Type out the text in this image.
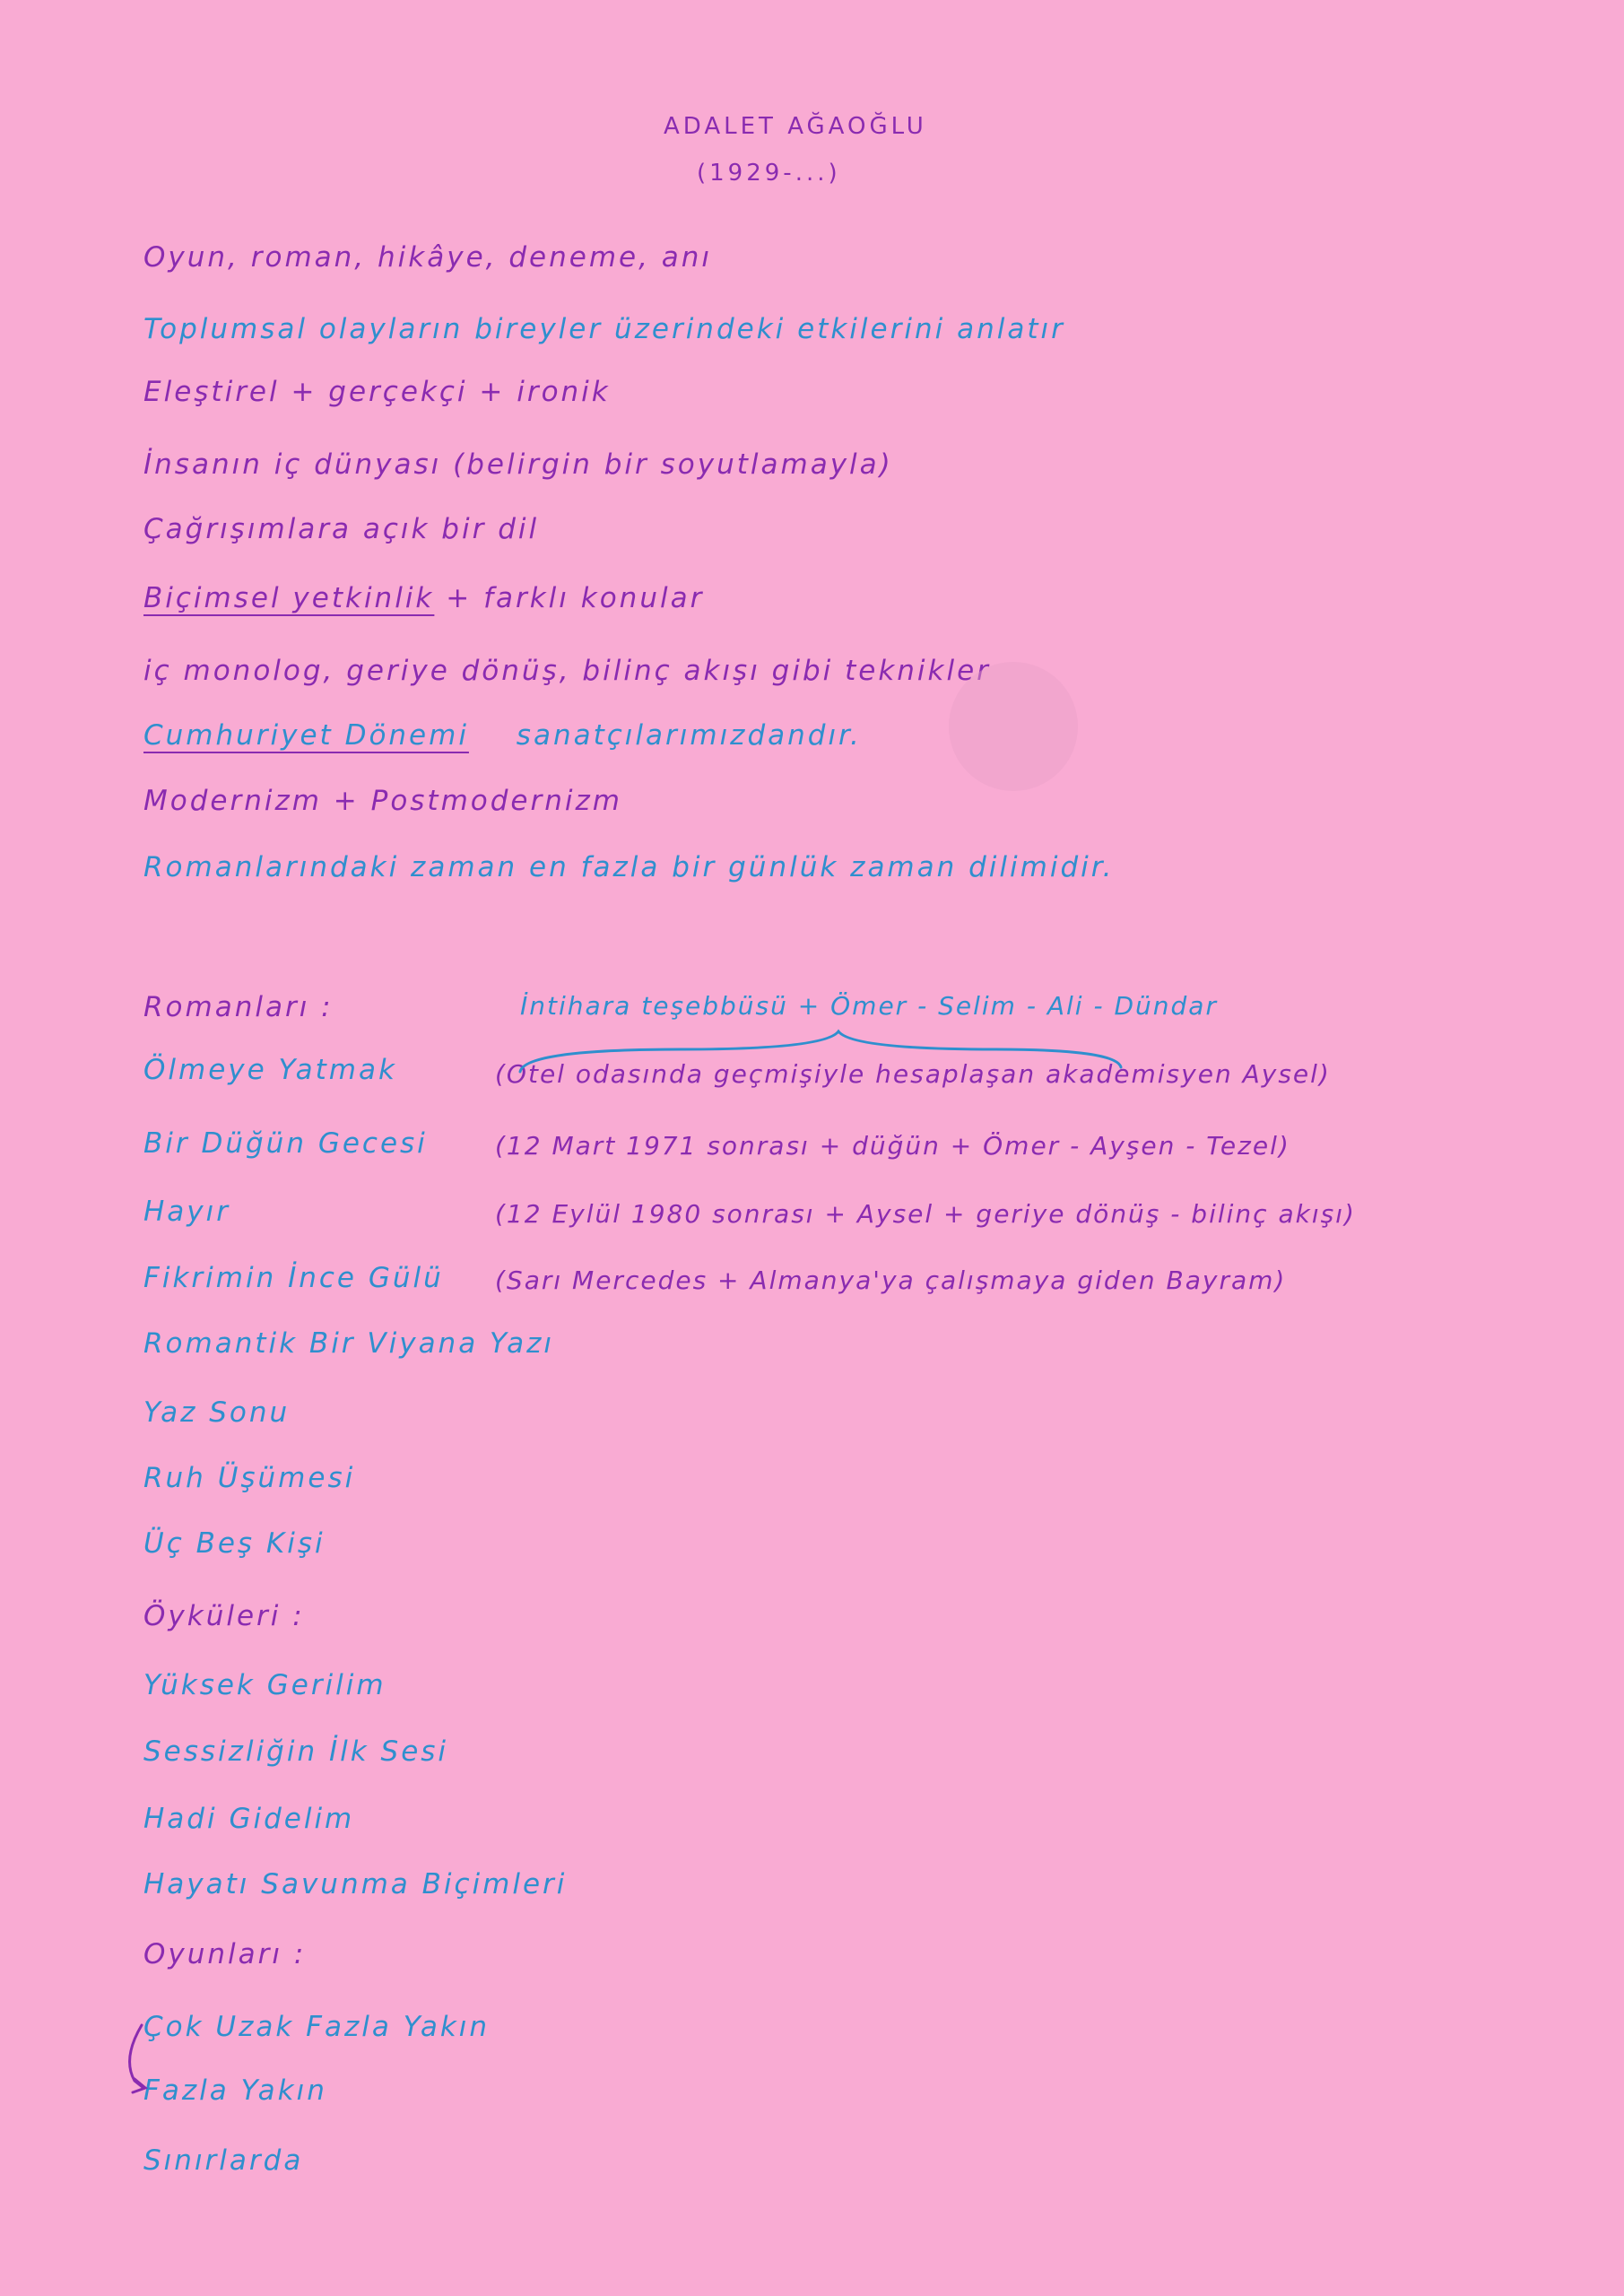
ADALET AĞAOĞLU
(1929-...)
Oyun, roman, hikâye, deneme, anı
Toplumsal olayların bireyler üzerindeki etkilerini anlatır
Eleştirel + gerçekçi + ironik
İnsanın iç dünyası (belirgin bir soyutlamayla)
Çağrışımlara açık bir dil
Biçimsel yetkinlik + farklı konular
iç monolog, geriye dönüş, bilinç akışı gibi teknikler
Cumhuriyet Dönemi sanatçılarımızdandır.
Modernizm + Postmodernizm
Romanlarındaki zaman en fazla bir günlük zaman dilimidir.
Romanları :	İntihara teşebbüsü + Ömer - Selim - Ali - Dündar
Ölmeye Yatmak	(Otel odasında geçmişiyle hesaplaşan akademisyen Aysel)
Bir Düğün Gecesi	(12 Mart 1971 sonrası + düğün + Ömer - Ayşen - Tezel)
Hayır	(12 Eylül 1980 sonrası + Aysel + geriye dönüş - bilinç akışı)
Fikrimin İnce Gülü (Sarı Mercedes + Almanya'ya çalışmaya giden Bayram)
Romantik Bir Viyana Yazı
Yaz Sonu
Ruh Üşümesi
Üç Beş Kişi
Öyküleri :
Yüksek Gerilim
Sessizliğin İlk Sesi
Hadi Gidelim
Hayatı Savunma Biçimleri
Oyunları :
Çok Uzak Fazla Yakın
Fazla Yakın
Sınırlarda
